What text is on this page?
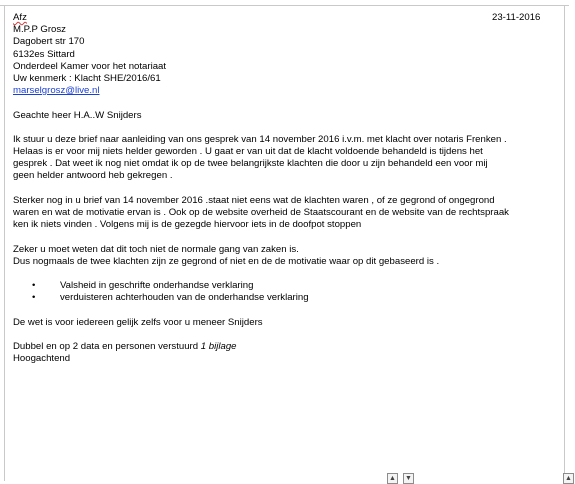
23-11-2016
Afz
M.P.P Grosz
Dagobert str 170
6132es Sittard
Onderdeel Kamer voor het notariaat
Uw kenmerk : Klacht SHE/2016/61
marselgrosz@live.nl
Geachte heer H.A..W Snijders
Ik stuur u deze brief naar aanleiding van ons gesprek van 14 november 2016 i.v.m. met klacht over notaris Frenken .
Helaas is er voor mij niets helder geworden . U gaat er van uit dat de klacht voldoende behandeld is tijdens het
gesprek . Dat weet ik nog niet omdat ik op de twee belangrijkste klachten die door u zijn behandeld een voor mij
geen helder antwoord heb gekregen .
Sterker nog in u brief van 14 november 2016 .staat niet eens wat de klachten waren , of ze gegrond of ongegrond
waren en wat de motivatie ervan is . Ook op de website overheid de Staatscourant en de website van de rechtspraak
ken ik niets vinden . Volgens mij is de gezegde hiervoor iets in de doofpot stoppen
Zeker u moet weten dat dit toch niet de normale gang van zaken is.
Dus nogmaals de twee klachten zijn ze gegrond of niet en de de motivatie waar op dit gebaseerd is .
•	Valsheid in geschrifte onderhandse verklaring
•	verduisteren achterhouden van de onderhandse verklaring
De wet is voor iedereen gelijk zelfs voor u meneer Snijders
Dubbel en op 2 data en personen verstuurd 1 bijlage
Hoogachtend
▲ ▼	▲
